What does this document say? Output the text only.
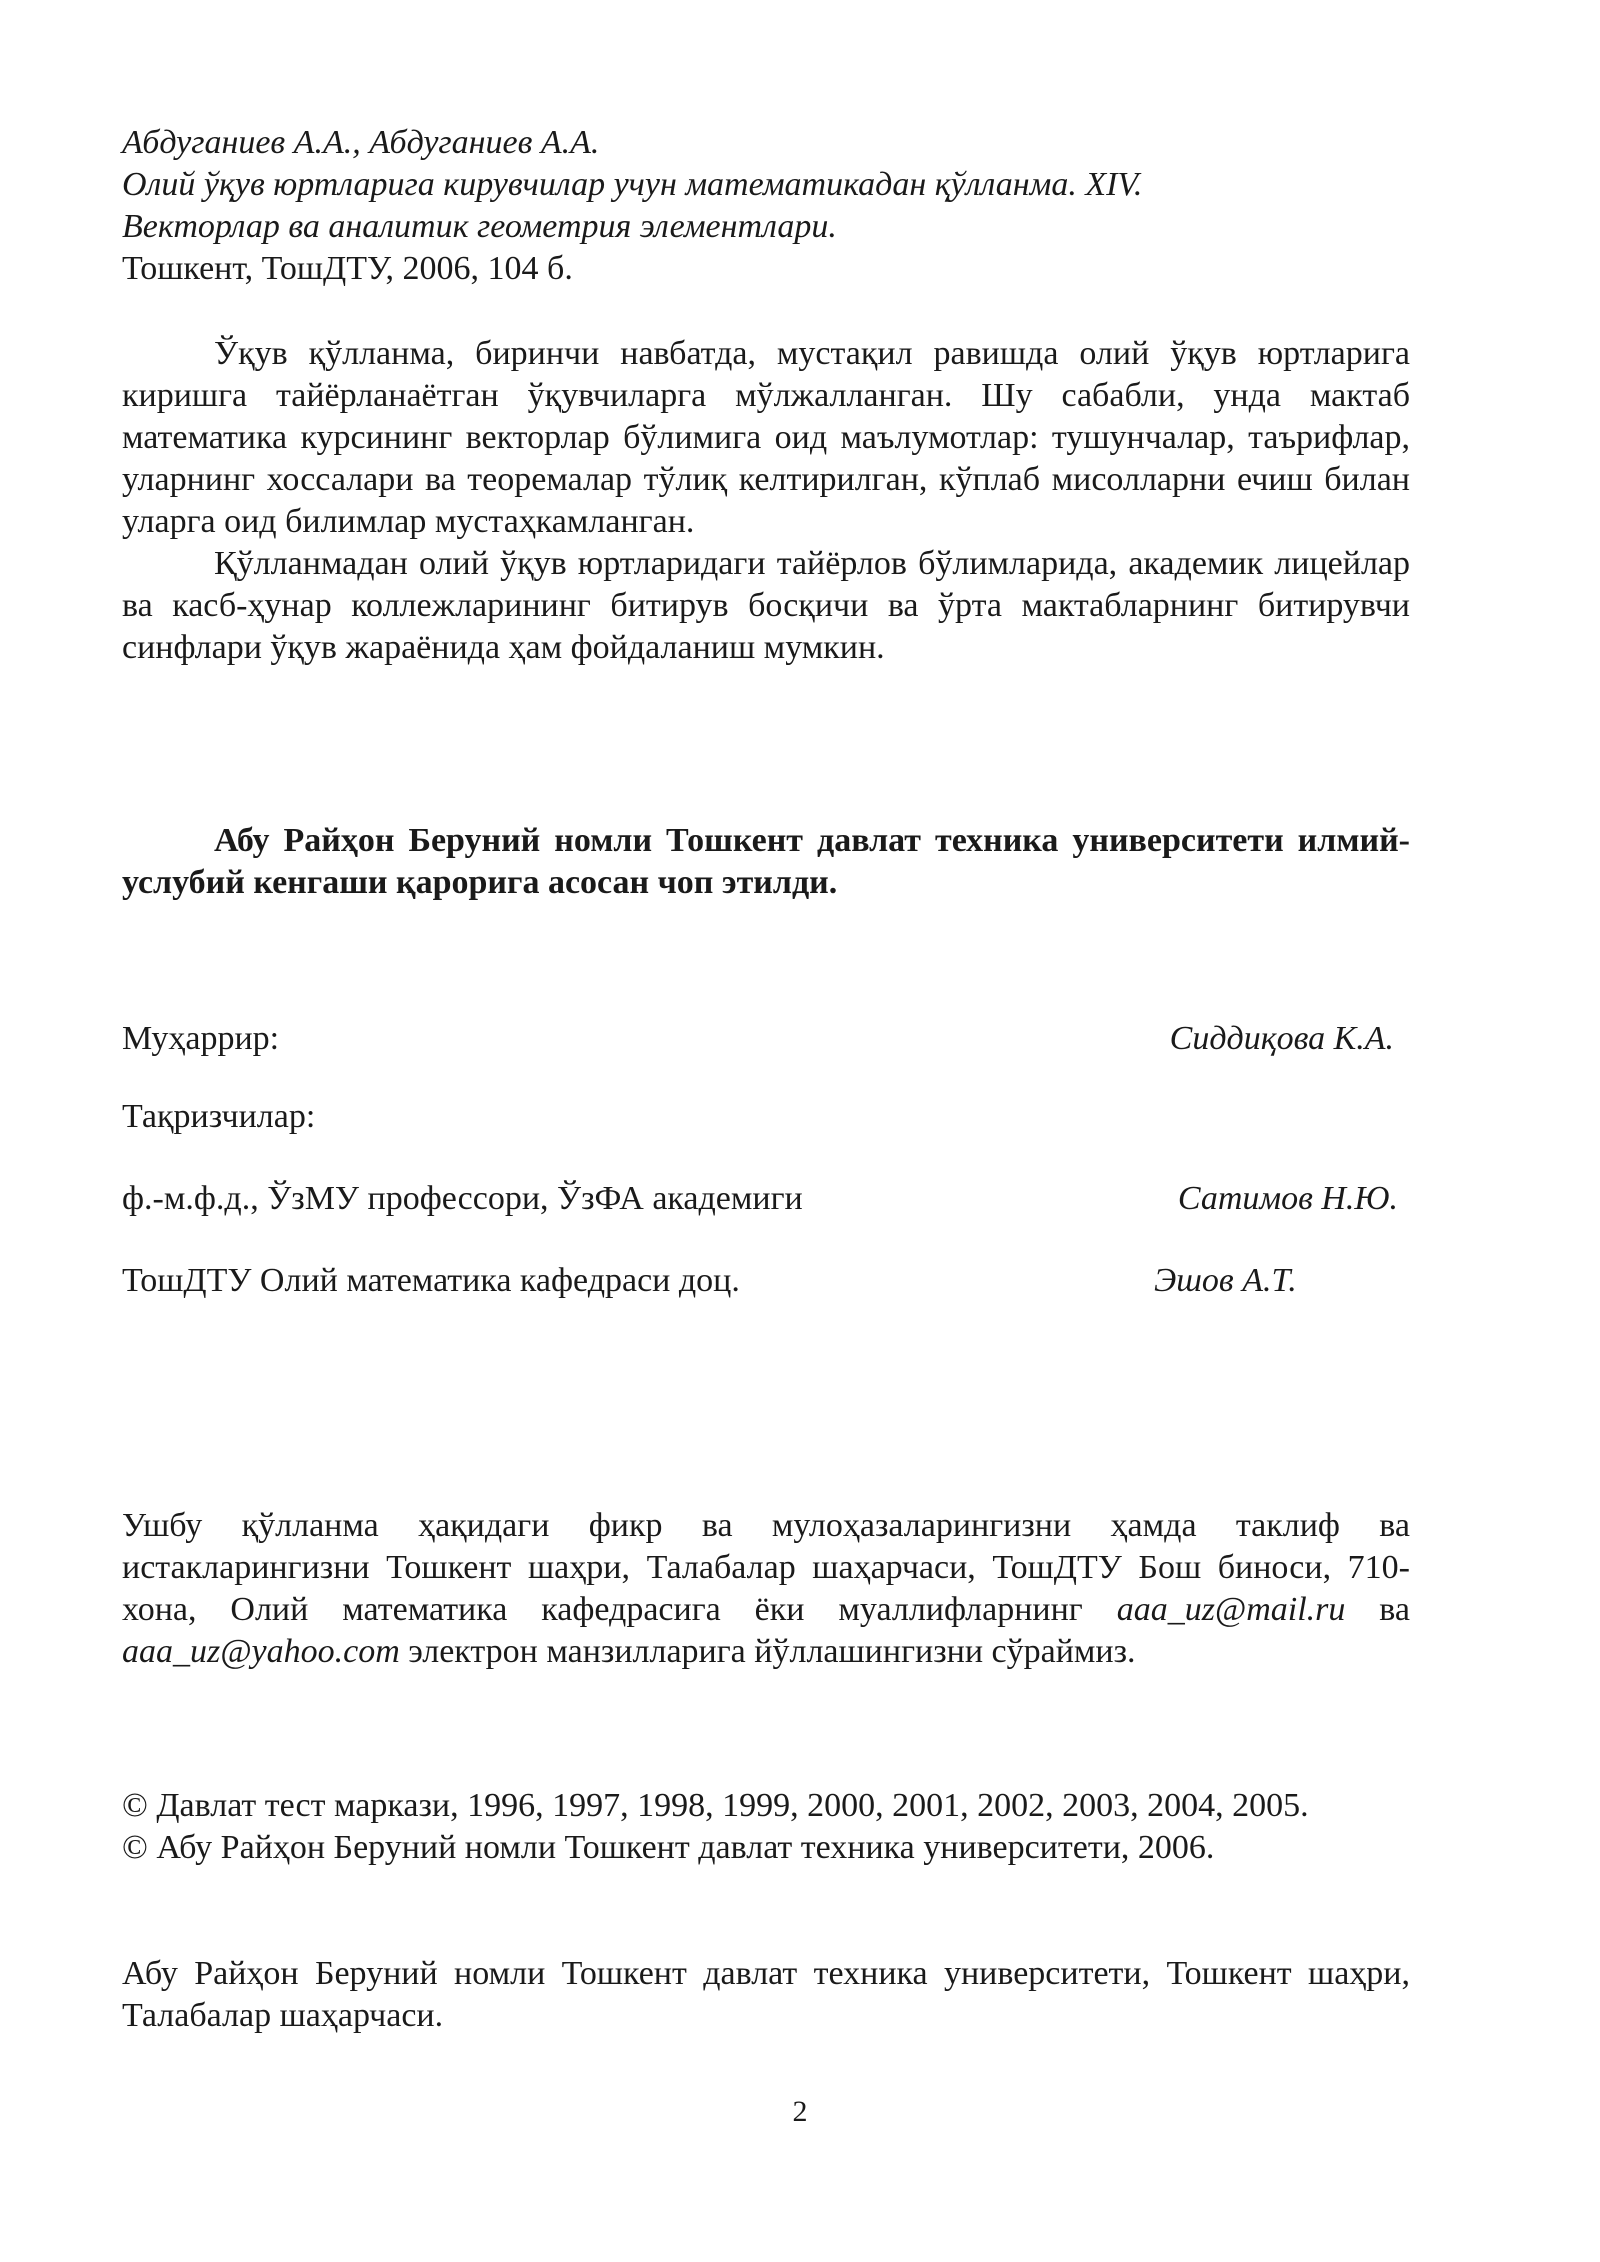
Абдуганиев А.А., Абдуганиев А.А.
Олий ўқув юртларига кирувчилар учун математикадан қўлланма. XIV.
Векторлар ва аналитик геометрия элементлари.
Тошкент, ТошДТУ, 2006, 104 б.

Ўқув қўлланма, биринчи навбатда, мустақил равишда олий ўқув юртларига киришга тайёрланаётган ўқувчиларга мўлжалланган. Шу сабабли, унда мактаб математика курсининг векторлар бўлимига оид маълумотлар: тушунчалар, таърифлар, уларнинг хоссалари ва теоремалар тўлиқ келтирилган, кўплаб мисолларни ечиш билан уларга оид билимлар мустаҳкамланган.

Қўлланмадан олий ўқув юртларидаги тайёрлов бўлимларида, академик лицейлар ва касб-ҳунар коллежларининг битирув босқичи ва ўрта мактабларнинг битирувчи синфлари ўқув жараёнида ҳам фойдаланиш мумкин.

Абу Райҳон Беруний номли Тошкент давлат техника университети илмий-услубий кенгаши қарорига асосан чоп этилди.
Муҳаррир:	Сиддиқова К.А.
Тақризчилар:
ф.-м.ф.д., ЎзМУ профессори, ЎзФА академиги	Сатимов Н.Ю.
ТошДТУ Олий математика кафедраси доц.	Эшов А.Т.
Ушбу қўлланма ҳақидаги фикр ва мулоҳазаларингизни ҳамда таклиф ва истакларингизни Тошкент шаҳри, Талабалар шаҳарчаси, ТошДТУ Бош биноси, 710-хона, Олий математика кафедрасига ёки муаллифларнинг aaa_uz@mail.ru ва aaa_uz@yahoo.com электрон манзилларига йўллашингизни сўраймиз.
© Давлат тест маркази, 1996, 1997, 1998, 1999, 2000, 2001, 2002, 2003, 2004, 2005.
© Абу Райҳон Беруний номли Тошкент давлат техника университети, 2006.
Абу Райҳон Беруний номли Тошкент давлат техника университети, Тошкент шаҳри, Талабалар шаҳарчаси.
2
